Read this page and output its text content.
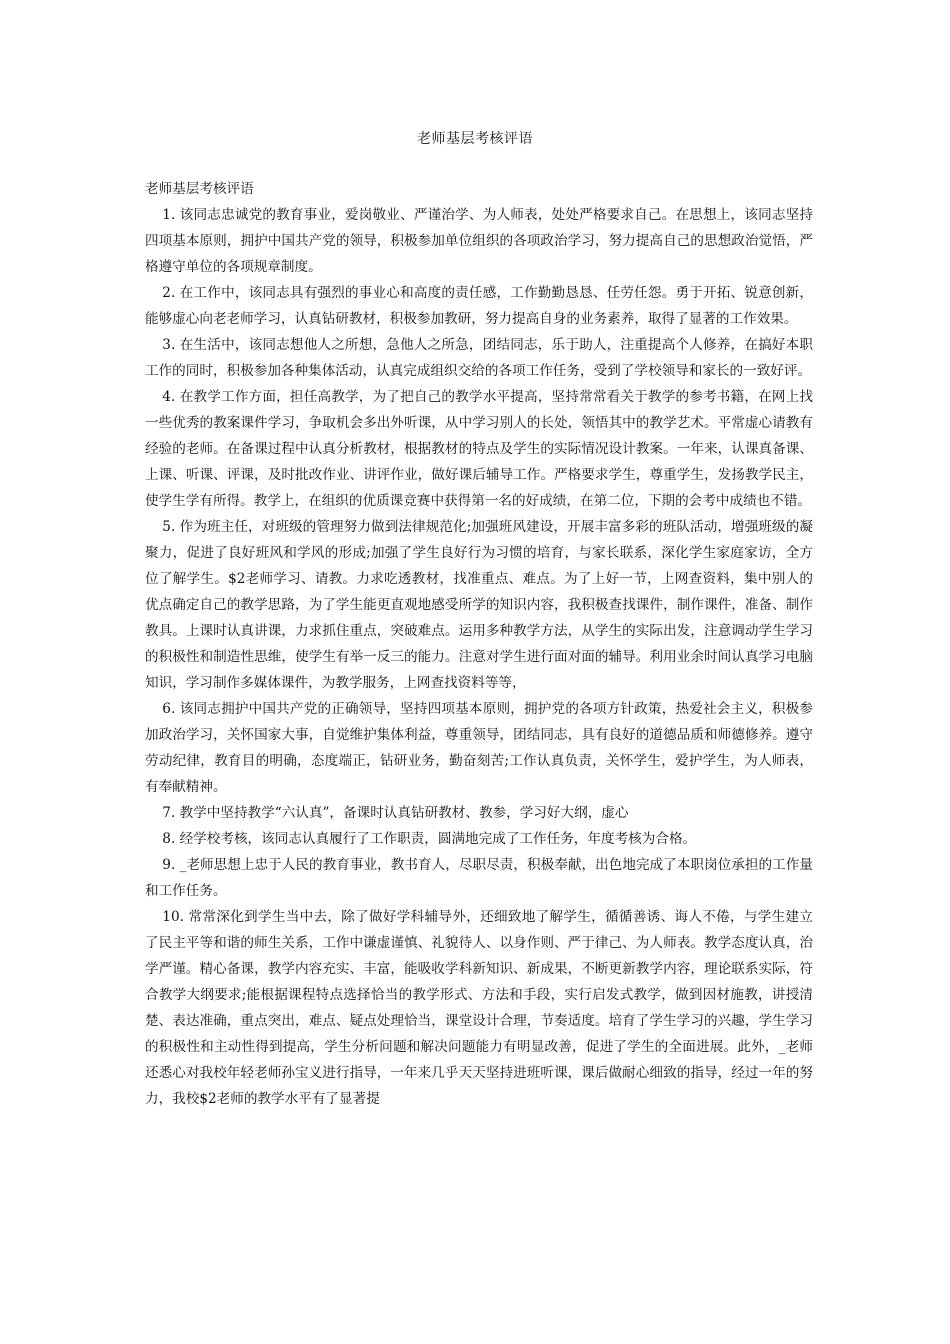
老师基层考核评语

老师基层考核评语

1. 该同志忠诚党的教育事业，爱岗敬业、严谨治学、为人师表，处处严格要求自己。在思想上，该同志坚持四项基本原则，拥护中国共产党的领导，积极参加单位组织的各项政治学习，努力提高自己的思想政治觉悟，严格遵守单位的各项规章制度。

2. 在工作中，该同志具有强烈的事业心和高度的责任感，工作勤勤恳恳、任劳任怨。勇于开拓、锐意创新，能够虚心向老老师学习，认真钻研教材，积极参加教研，努力提高自身的业务素养，取得了显著的工作效果。

3. 在生活中，该同志想他人之所想，急他人之所急，团结同志，乐于助人，注重提高个人修养，在搞好本职工作的同时，积极参加各种集体活动，认真完成组织交给的各项工作任务，受到了学校领导和家长的一致好评。

4. 在教学工作方面，担任高教学，为了把自己的教学水平提高，坚持常常看关于教学的参考书籍，在网上找一些优秀的教案课件学习，争取机会多出外听课，从中学习别人的长处，领悟其中的教学艺术。平常虚心请教有经验的老师。在备课过程中认真分析教材，根据教材的特点及学生的实际情况设计教案。一年来，认课真备课、上课、听课、评课，及时批改作业、讲评作业，做好课后辅导工作。严格要求学生，尊重学生，发扬教学民主，使学生学有所得。教学上，在组织的优质课竞赛中获得第一名的好成绩，在第二位，下期的会考中成绩也不错。

5. 作为班主任，对班级的管理努力做到法律规范化;加强班风建设，开展丰富多彩的班队活动，增强班级的凝聚力，促进了良好班风和学风的形成;加强了学生良好行为习惯的培育，与家长联系，深化学生家庭家访，全方位了解学生。$2老师学习、请教。力求吃透教材，找准重点、难点。为了上好一节，上网查资料，集中别人的优点确定自己的教学思路，为了学生能更直观地感受所学的知识内容，我积极查找课件，制作课件，准备、制作教具。上课时认真讲课，力求抓住重点，突破难点。运用多种教学方法，从学生的实际出发，注意调动学生学习的积极性和制造性思维，使学生有举一反三的能力。注意对学生进行面对面的辅导。利用业余时间认真学习电脑知识，学习制作多媒体课件，为教学服务，上网查找资料等等，

6. 该同志拥护中国共产党的正确领导，坚持四项基本原则，拥护党的各项方针政策，热爱社会主义，积极参加政治学习，关怀国家大事，自觉维护集体利益，尊重领导，团结同志，具有良好的道德品质和师德修养。遵守劳动纪律，教育目的明确，态度端正，钻研业务，勤奋刻苦;工作认真负责，关怀学生，爱护学生，为人师表，有奉献精神。

7. 教学中坚持教学“六认真”，备课时认真钻研教材、教参，学习好大纲，虚心

8. 经学校考核，该同志认真履行了工作职责，圆满地完成了工作任务，年度考核为合格。

9. _老师思想上忠于人民的教育事业，教书育人，尽职尽责，积极奉献，出色地完成了本职岗位承担的工作量和工作任务。

10. 常常深化到学生当中去，除了做好学科辅导外，还细致地了解学生，循循善诱、诲人不倦，与学生建立了民主平等和谐的师生关系，工作中谦虚谨慎、礼貌待人、以身作则、严于律己、为人师表。教学态度认真，治学严谨。精心备课，教学内容充实、丰富，能吸收学科新知识、新成果，不断更新教学内容，理论联系实际，符合教学大纲要求;能根据课程特点选择恰当的教学形式、方法和手段，实行启发式教学，做到因材施教，讲授清楚、表达准确，重点突出，难点、疑点处理恰当，课堂设计合理，节奏适度。培育了学生学习的兴趣，学生学习的积极性和主动性得到提高，学生分析问题和解决问题能力有明显改善，促进了学生的全面进展。此外，_老师还悉心对我校年轻老师孙宝义进行指导，一年来几乎天天坚持进班听课，课后做耐心细致的指导，经过一年的努力，我校$2老师的教学水平有了显著提
